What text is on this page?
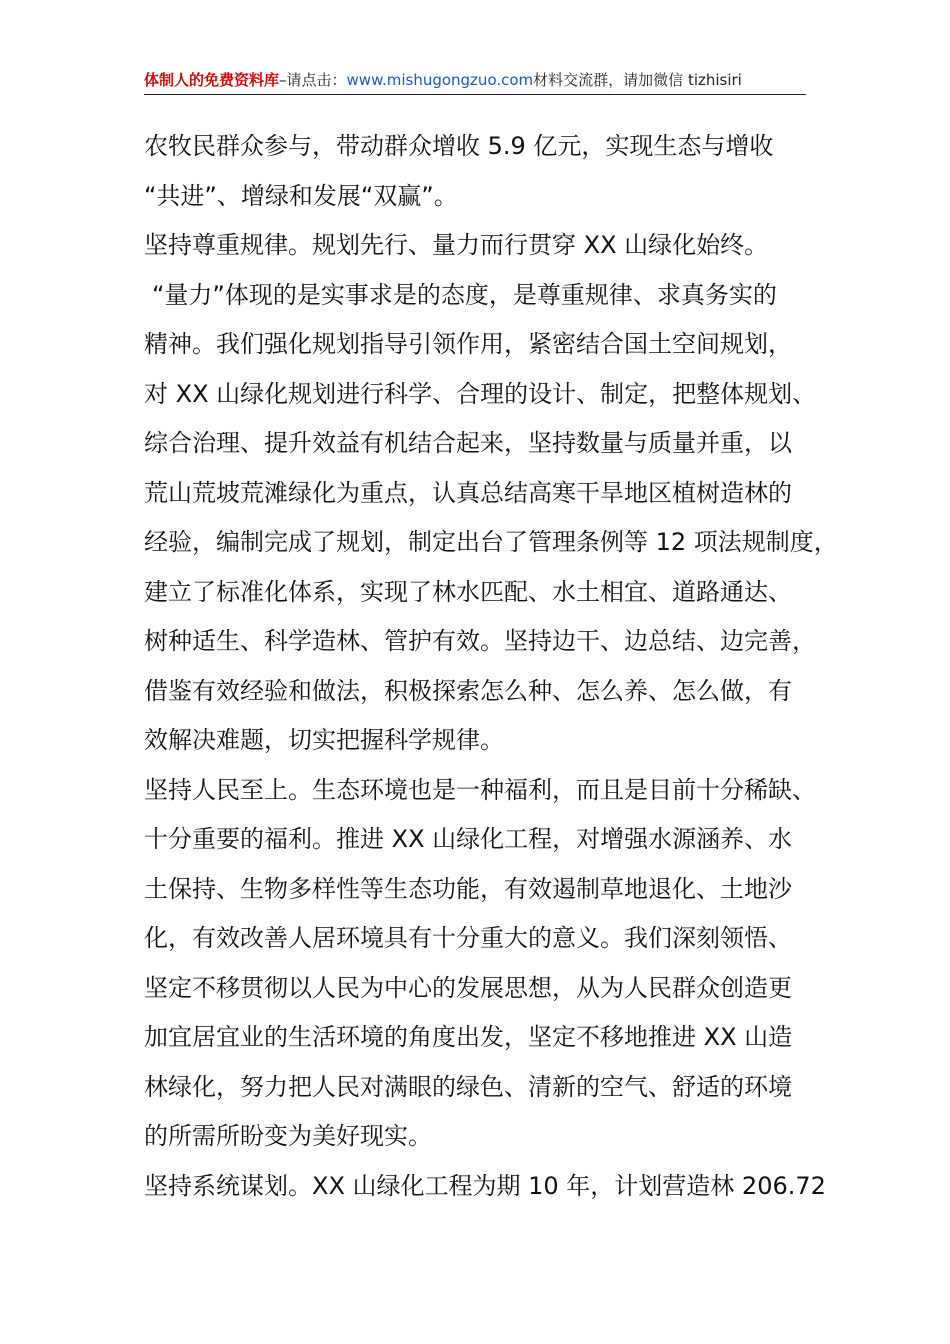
体制人的免费资料库–请点击：www.mishugongzuo.com材料交流群，请加微信 tizhisiri
农牧民群众参与，带动群众增收 5.9 亿元，实现生态与增收
“共进”、增绿和发展“双赢”。
坚持尊重规律。规划先行、量力而行贯穿 XX 山绿化始终。
“量力”体现的是实事求是的态度，是尊重规律、求真务实的
精神。我们强化规划指导引领作用，紧密结合国土空间规划，
对 XX 山绿化规划进行科学、合理的设计、制定，把整体规划、
综合治理、提升效益有机结合起来，坚持数量与质量并重，以
荒山荒坡荒滩绿化为重点，认真总结高寒干旱地区植树造林的
经验，编制完成了规划，制定出台了管理条例等 12 项法规制度，
建立了标准化体系，实现了林水匹配、水土相宜、道路通达、
树种适生、科学造林、管护有效。坚持边干、边总结、边完善，
借鉴有效经验和做法，积极探索怎么种、怎么养、怎么做，有
效解决难题，切实把握科学规律。
坚持人民至上。生态环境也是一种福利，而且是目前十分稀缺、
十分重要的福利。推进 XX 山绿化工程，对增强水源涵养、水
土保持、生物多样性等生态功能，有效遏制草地退化、土地沙
化，有效改善人居环境具有十分重大的意义。我们深刻领悟、
坚定不移贯彻以人民为中心的发展思想，从为人民群众创造更
加宜居宜业的生活环境的角度出发，坚定不移地推进 XX 山造
林绿化，努力把人民对满眼的绿色、清新的空气、舒适的环境
的所需所盼变为美好现实。
坚持系统谋划。XX 山绿化工程为期 10 年，计划营造林 206.72
